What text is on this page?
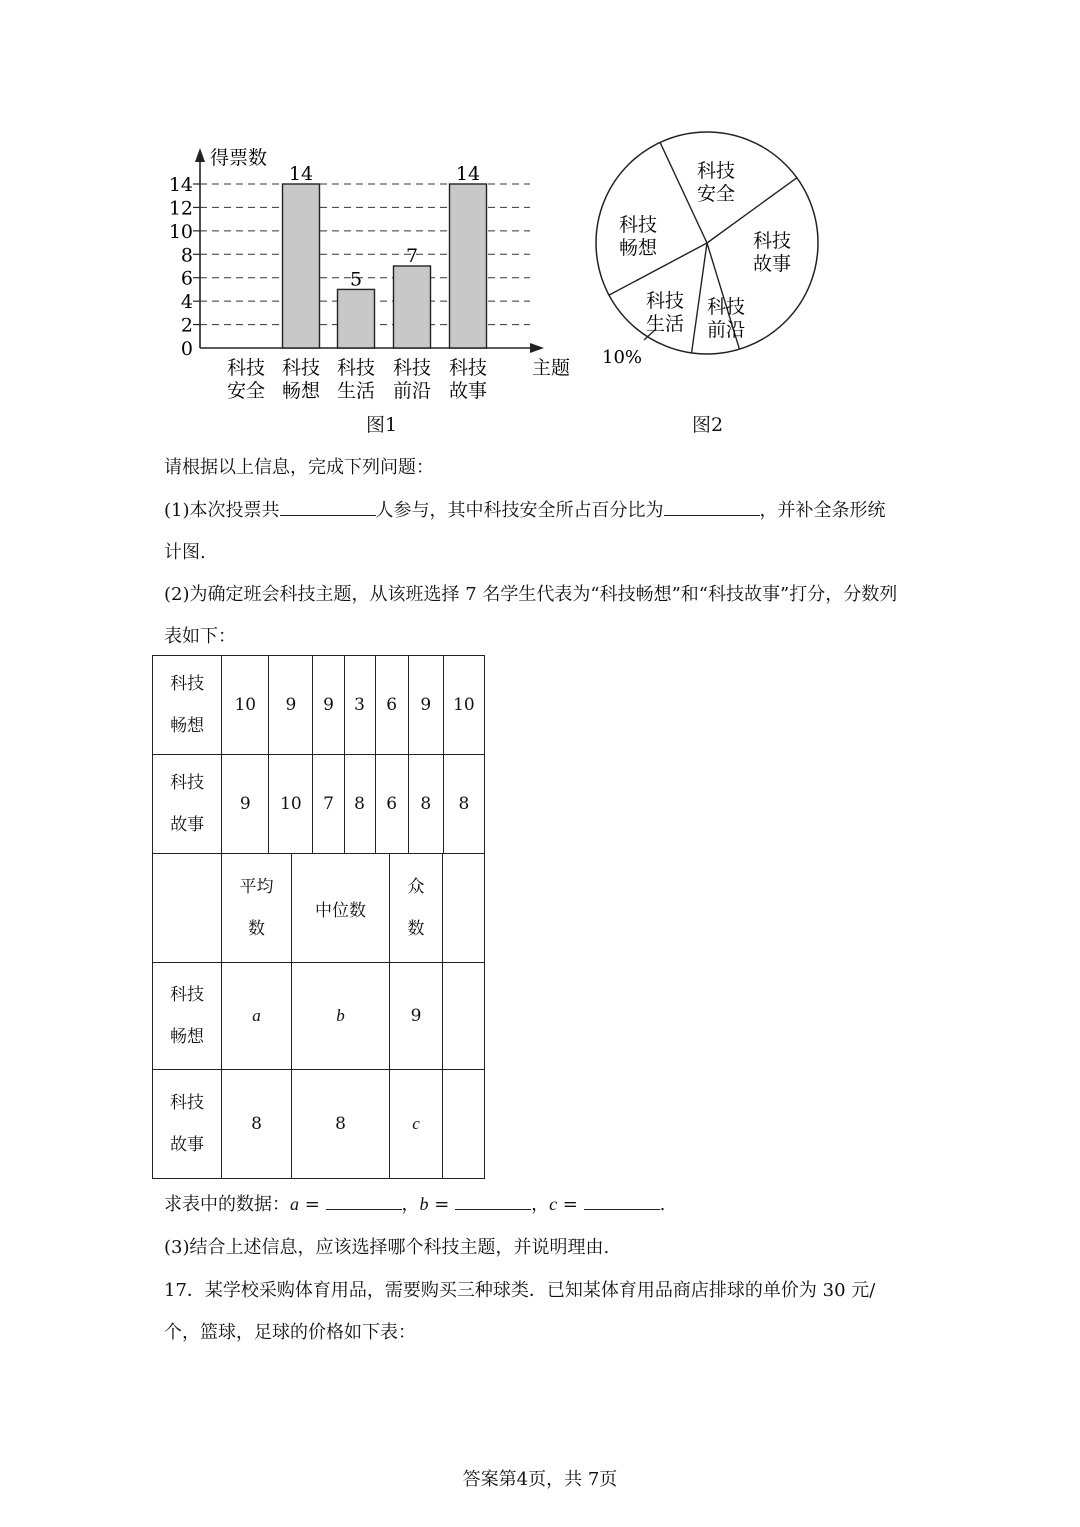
0
2
4
6
8
10
12
14
得票数
主题
科技
安全
14
科技
畅想
5
科技
生活
7
科技
前沿
14
科技
故事
图1
科技
安全
科技
故事
科技
前沿
科技
生活
科技
畅想
10%
图2
请根据以上信息，完成下列问题：
(1)本次投票共	人参与，其中科技安全所占百分比为	，并补全条形统
计图.
(2)为确定班会科技主题，从该班选择 7 名学生代表为“科技畅想”和“科技故事”打分，分数列
表如下：
科技
畅想	10	9	9	3	6	9	10
科技
故事	9	10	7	8	6	8	8
	平均
数	中位数	众
数	
科技
畅想	a	b	9	
科技
故事	8	8	c	
求表中的数据：a =	，b =	，c =	.
(3)结合上述信息，应该选择哪个科技主题，并说明理由.
17．某学校采购体育用品，需要购买三种球类．已知某体育用品商店排球的单价为 30 元/
个，篮球，足球的价格如下表：
答案第4页，共 7页
